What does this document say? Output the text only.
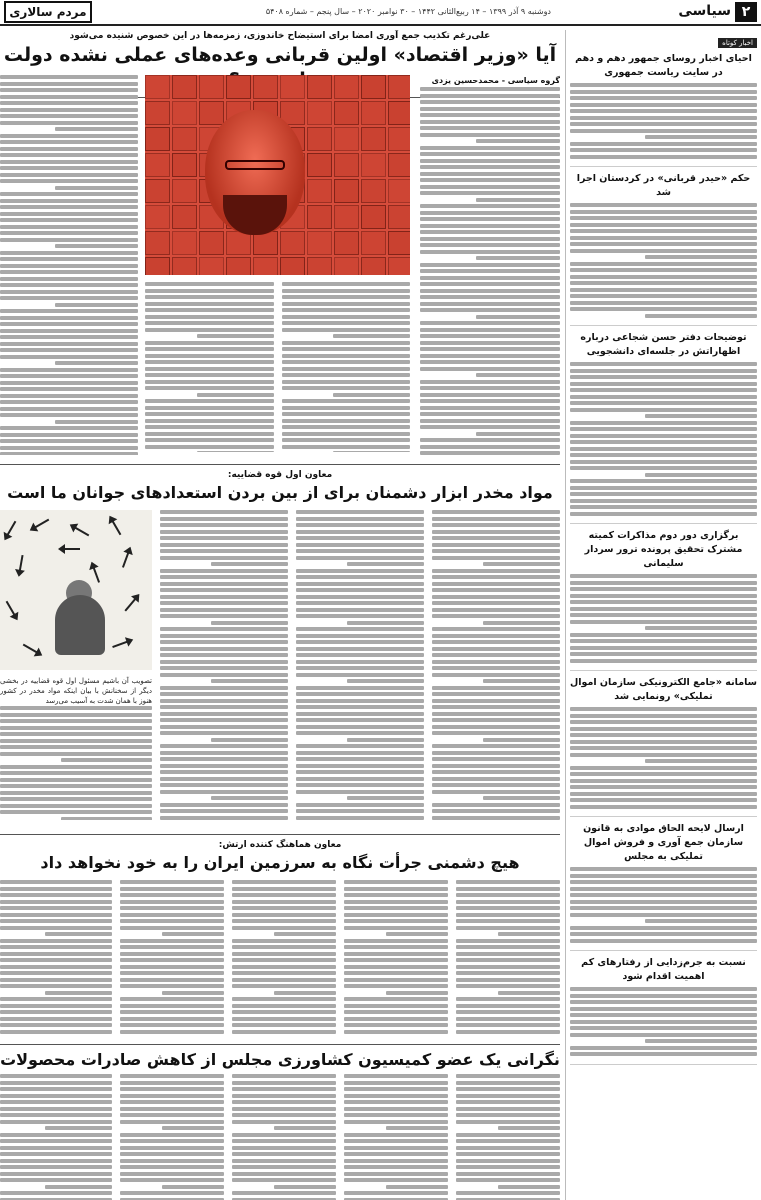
۲
سیاسی
دوشنبه ۹ آذر ۱۳۹۹ – ۱۴ ربیع‌الثانی ۱۴۴۲ – ۳۰ نوامبر ۲۰۲۰ – سال پنجم – شماره ۵۴۰۸
مردم سالاری
اخبار کوتاه
احیای اخبار روسای جمهور دهم و دهم در سایت ریاست جمهوری
حکم «حیدر قربانی» در کردستان اجرا شد
توضیحات دفتر حسن شجاعی درباره اظهاراتش در جلسه‌ای دانشجویی
برگزاری دور دوم مذاکرات کمیته مشترک تحقیق پرونده ترور سردار سلیمانی
سامانه «جامع الکترونیکی سازمان اموال تملیکی» رونمایی شد
ارسال لایحه الحاق موادی به قانون سازمان جمع آوری و فروش اموال تملیکی به مجلس
نسبت به جرم‌زدایی از رفتارهای کم اهمیت اقدام شود
علی‌رغم تکذیب جمع آوری امضا برای استیضاح خاندوزی، زمزمه‌ها در این خصوص شنیده می‌شود
آیا «وزیر اقتصاد» اولین قربانی وعده‌های عملی نشده دولت
گروه سیاسی - محمدحسین یزدی
معاون اول قوه قضاییه:
مواد مخدر ابزار دشمنان برای از بین بردن استعدادهای جوانان ما است
تصویب آن باشیم مسئول اول قوه قضاییه در بخشی دیگر از سخنانش با بیان اینکه مواد مخدر در کشور هنوز با همان شدت به آسیب می‌رسد
معاون هماهنگ کننده ارتش:
هیچ دشمنی جرأت نگاه به سرزمین ایران را به خود نخواهد داد
نگرانی یک عضو کمیسیون کشاورزی مجلس از کاهش صادرات محصولات
